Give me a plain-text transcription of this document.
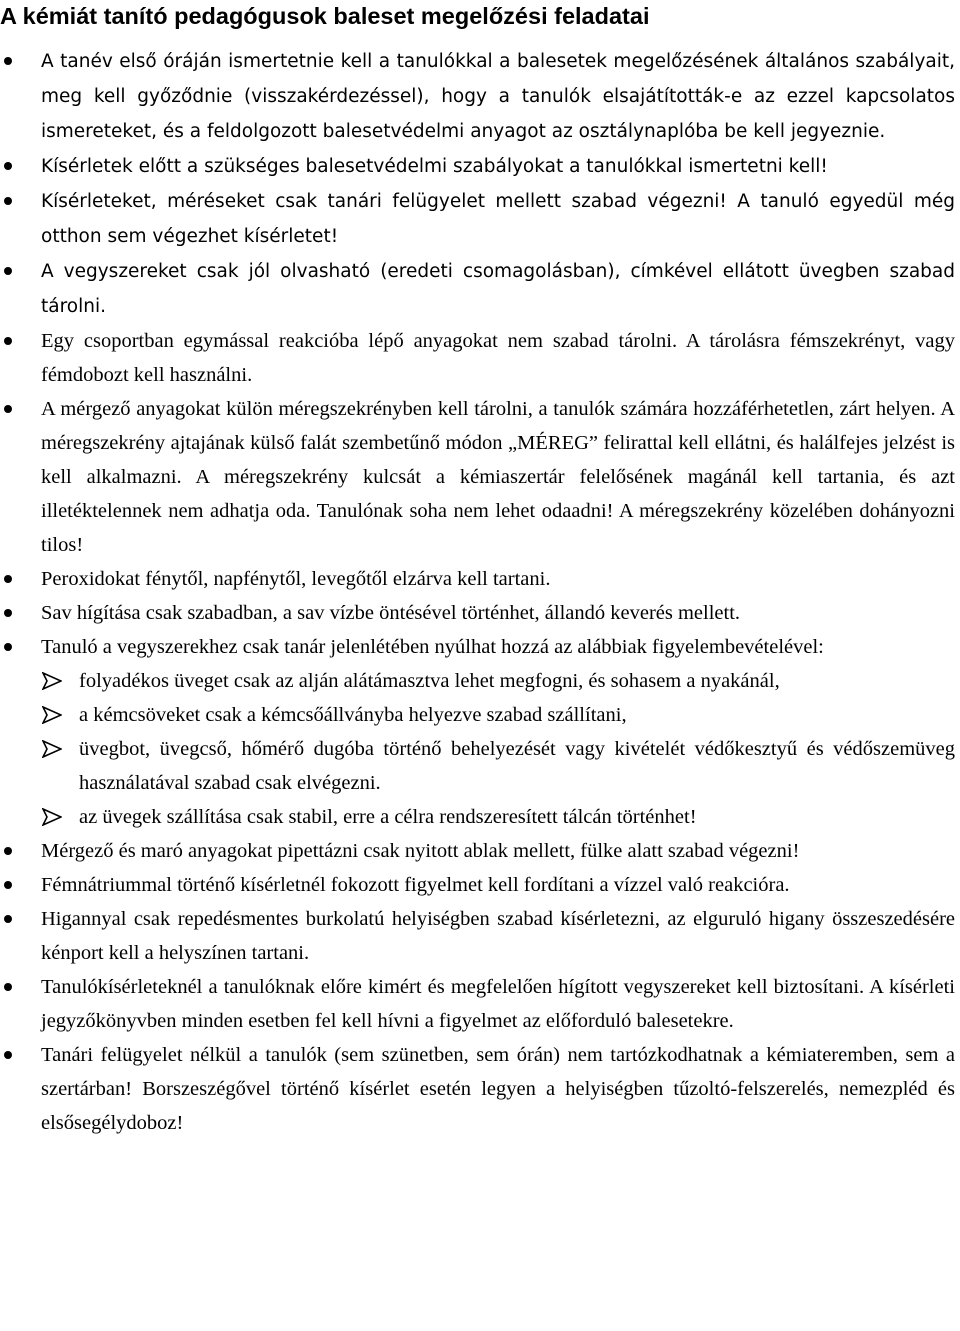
A kémiát tanító pedagógusok baleset megelőzési feladatai
A tanév első óráján ismertetnie kell a tanulókkal a balesetek megelőzésének általános szabályait, meg kell győződnie (visszakérdezéssel), hogy a tanulók elsajátították-e az ezzel kapcsolatos ismereteket, és a feldolgozott balesetvédelmi anyagot az osztálynaplóba be kell jegyeznie.
Kísérletek előtt a szükséges balesetvédelmi szabályokat a tanulókkal ismertetni kell!
Kísérleteket, méréseket csak tanári felügyelet mellett szabad végezni! A tanuló egyedül még otthon sem végezhet kísérletet!
A vegyszereket csak jól olvasható (eredeti csomagolásban), címkével ellátott üvegben szabad tárolni.
Egy csoportban egymással reakcióba lépő anyagokat nem szabad tárolni. A tárolásra fémszekrényt, vagy fémdobozt kell használni.
A mérgező anyagokat külön méregszekrényben kell tárolni, a tanulók számára hozzáférhetetlen, zárt helyen. A méregszekrény ajtajának külső falát szembetűnő módon „MÉREG” felirattal kell ellátni, és halálfejes jelzést is kell alkalmazni. A méregszekrény kulcsát a kémiaszertár felelősének magánál kell tartania, és azt illetéktelennek nem adhatja oda. Tanulónak soha nem lehet odaadni! A méregszekrény közelében dohányozni tilos!
Peroxidokat fénytől, napfénytől, levegőtől elzárva kell tartani.
Sav hígítása csak szabadban, a sav vízbe öntésével történhet, állandó keverés mellett.
Tanuló a vegyszerekhez csak tanár jelenlétében nyúlhat hozzá az alábbiak figyelembevételével:
folyadékos üveget csak az alján alátámasztva lehet megfogni, és sohasem a nyakánál,
a kémcsöveket csak a kémcsőállványba helyezve szabad szállítani,
üvegbot, üvegcső, hőmérő dugóba történő behelyezését vagy kivételét védőkesztyű és védőszemüveg használatával szabad csak elvégezni.
az üvegek szállítása csak stabil, erre a célra rendszeresített tálcán történhet!
Mérgező és maró anyagokat pipettázni csak nyitott ablak mellett, fülke alatt szabad végezni!
Fémnátriummal történő kísérletnél fokozott figyelmet kell fordítani a vízzel való reakcióra.
Higannyal csak repedésmentes burkolatú helyiségben szabad kísérletezni, az elguruló higany összeszedésére kénport kell a helyszínen tartani.
Tanulókísérleteknél a tanulóknak előre kimért és megfelelően hígított vegyszereket kell biztosítani. A kísérleti jegyzőkönyvben minden esetben fel kell hívni a figyelmet az előforduló balesetekre.
Tanári felügyelet nélkül a tanulók (sem szünetben, sem órán) nem tartózkodhatnak a kémiateremben, sem a szertárban! Borszeszégővel történő kísérlet esetén legyen a helyiségben tűzoltó-felszerelés, nemezpléd és elsősegélydoboz!
